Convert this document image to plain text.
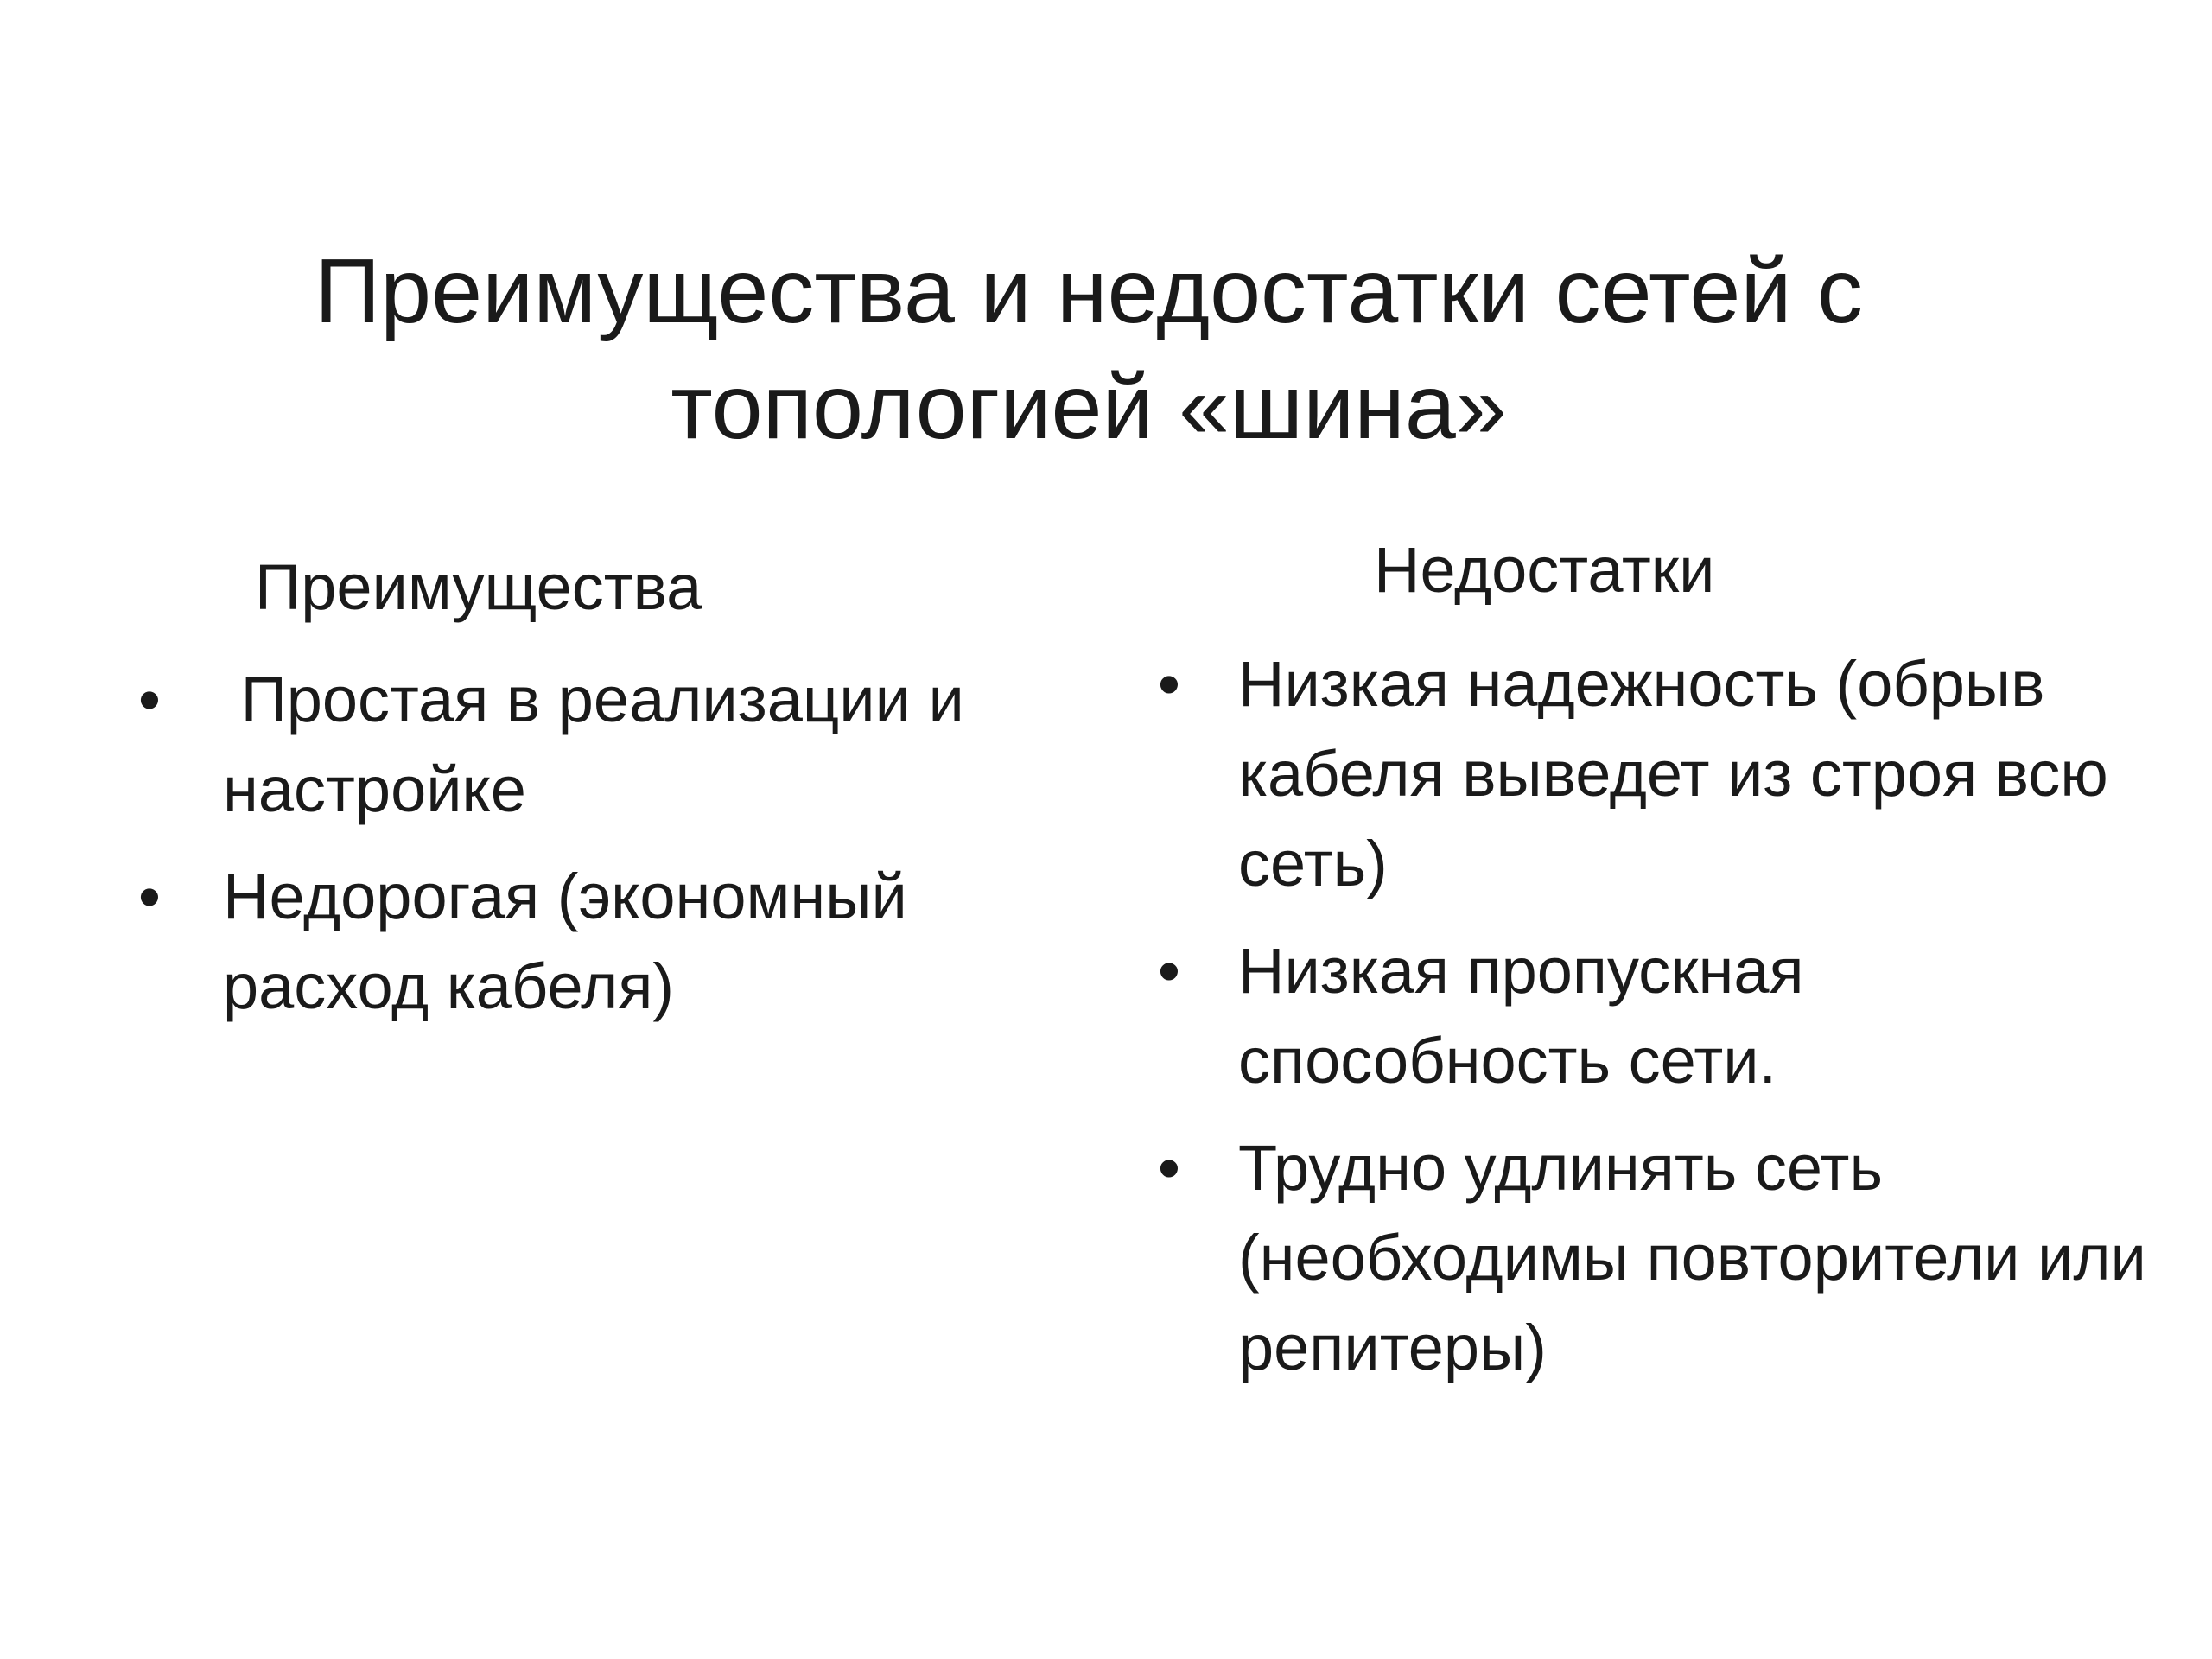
Преимущества и недостатки сетей с
топологией «шина»
Преимущества
• Простая в реализации и настройке
• Недорогая (экономный расход кабеля)
Недостатки
• Низкая надежность (обрыв кабеля выведет из строя всю сеть)
• Низкая пропускная способность сети.
• Трудно удлинять сеть (необходимы повторители или репитеры)
